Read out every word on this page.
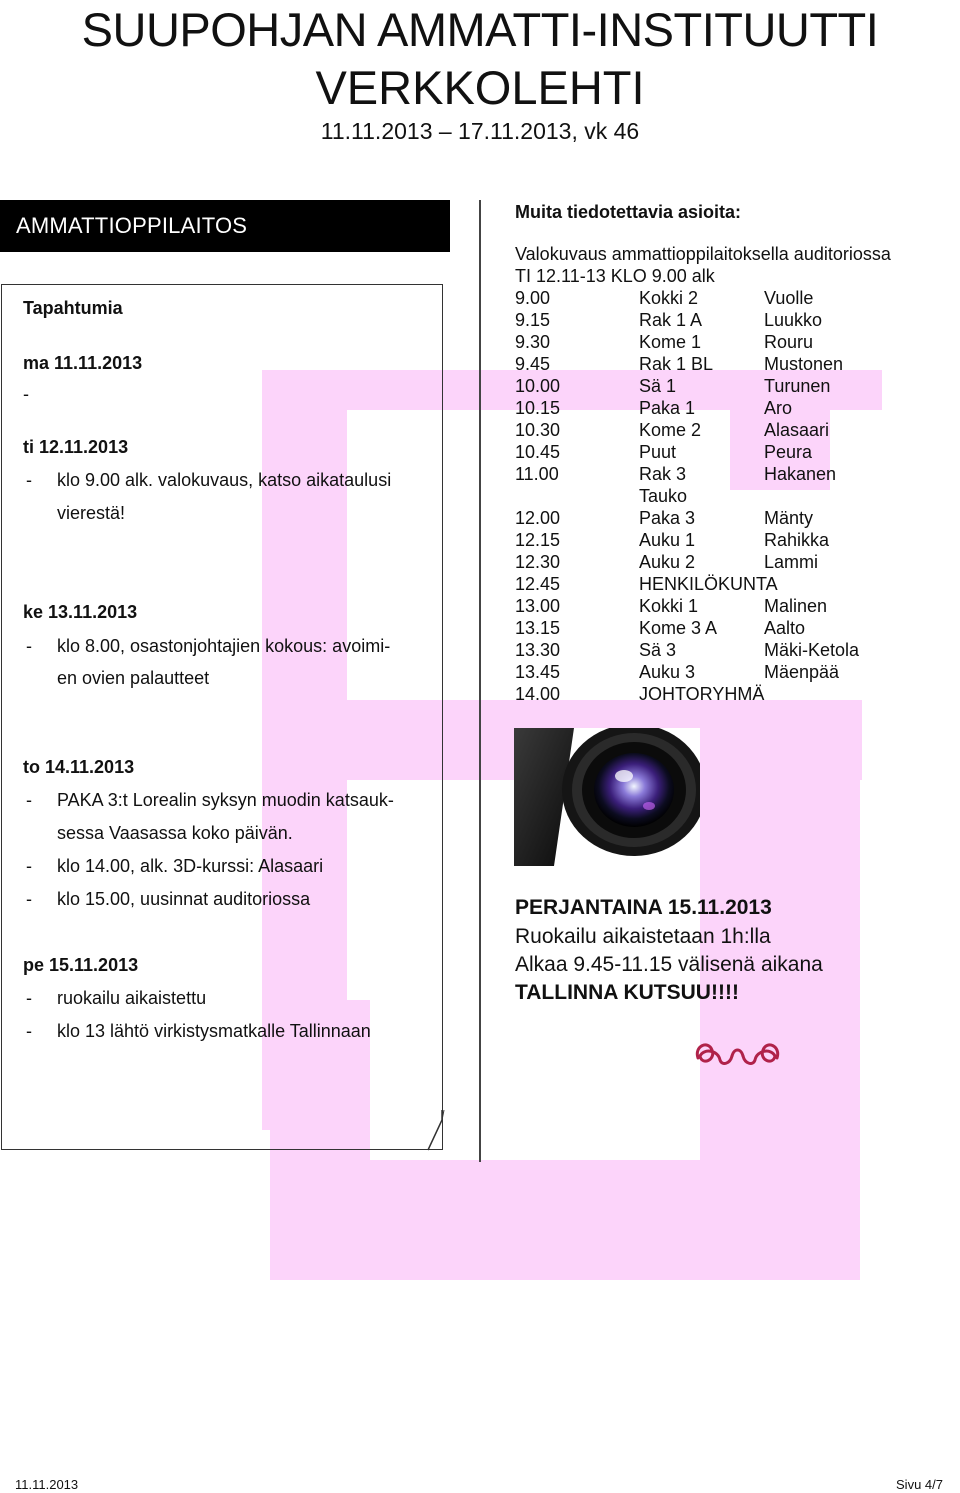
SUUPOHJAN AMMATTI-INSTITUUTTI
VERKKOLEHTI
11.11.2013 – 17.11.2013, vk 46
AMMATTIOPPILAITOS
Tapahtumia
ma 11.11.2013
-
ti 12.11.2013
- klo 9.00 alk. valokuvaus, katso aikataulusi
vierestä!
ke 13.11.2013
- klo 8.00, osastonjohtajien kokous: avoimi-
en ovien palautteet
to 14.11.2013
- PAKA 3:t Lorealin syksyn muodin katsauk-
sessa Vaasassa koko päivän.
- klo 14.00, alk. 3D-kurssi: Alasaari
- klo 15.00, uusinnat auditoriossa
pe 15.11.2013
- ruokailu aikaistettu
- klo 13 lähtö virkistysmatkalle Tallinnaan
Muita tiedotettavia asioita:
Valokuvaus ammattioppilaitoksella auditoriossa
TI 12.11-13 KLO 9.00 alk
9.00	Kokki 2	Vuolle
9.15	Rak 1 A	Luukko
9.30	Kome 1	Rouru
9.45	Rak 1 BL	Mustonen
10.00	Sä 1	Turunen
10.15	Paka 1	Aro
10.30	Kome 2	Alasaari
10.45	Puut	Peura
11.00	Rak 3	Hakanen
Tauko
12.00	Paka 3	Mänty
12.15	Auku 1	Rahikka
12.30	Auku 2	Lammi
12.45	HENKILÖKUNTA
13.00	Kokki 1	Malinen
13.15	Kome 3 A	Aalto
13.30	Sä 3	Mäki-Ketola
13.45	Auku 3	Mäenpää
14.00	JOHTORYHMÄ
PERJANTAINA 15.11.2013
Ruokailu aikaistetaan 1h:lla
Alkaa 9.45-11.15 välisenä aikana
TALLINNA KUTSUU!!!!
11.11.2013	Sivu 4/7
